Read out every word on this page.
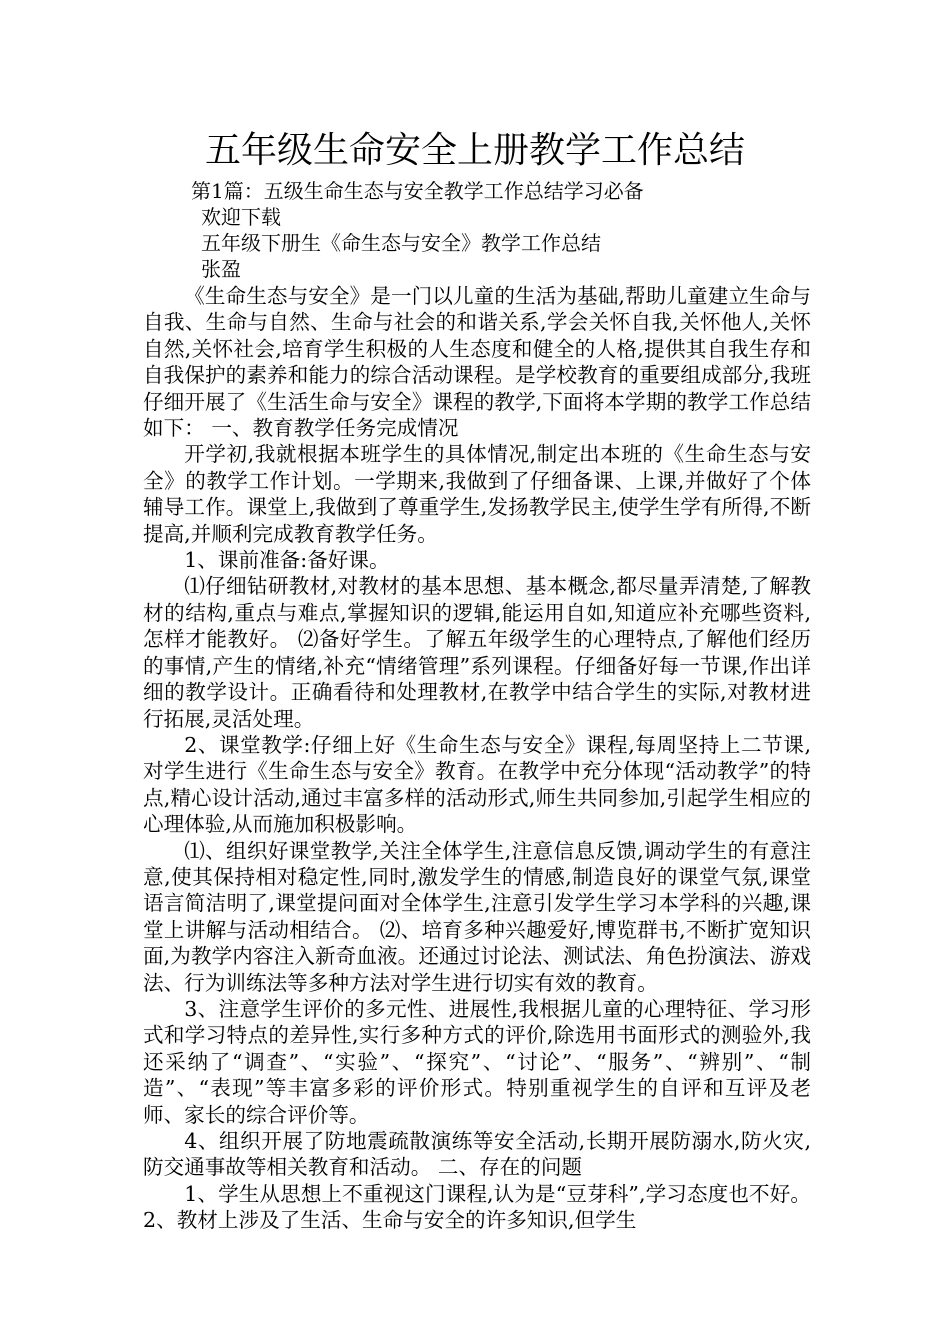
五年级生命安全上册教学工作总结
第1篇：五级生命生态与安全教学工作总结学习必备
欢迎下载
五年级下册生《命生态与安全》教学工作总结
张盈

《生命生态与安全》是一门以儿童的生活为基础,帮助儿童建立生命与自我、生命与自然、生命与社会的和谐关系,学会关怀自我,关怀他人,关怀自然,关怀社会,培育学生积极的人生态度和健全的人格,提供其自我生存和自我保护的素养和能力的综合活动课程。是学校教育的重要组成部分,我班仔细开展了《生活生命与安全》课程的教学,下面将本学期的教学工作总结如下： 一、教育教学任务完成情况

开学初,我就根据本班学生的具体情况,制定出本班的《生命生态与安全》的教学工作计划。一学期来,我做到了仔细备课、上课,并做好了个体辅导工作。课堂上,我做到了尊重学生,发扬教学民主,使学生学有所得,不断提高,并顺利完成教育教学任务。

1、课前准备:备好课。

⑴仔细钻研教材,对教材的基本思想、基本概念,都尽量弄清楚,了解教材的结构,重点与难点,掌握知识的逻辑,能运用自如,知道应补充哪些资料,怎样才能教好。 ⑵备好学生。了解五年级学生的心理特点,了解他们经历的事情,产生的情绪,补充“情绪管理”系列课程。仔细备好每一节课,作出详细的教学设计。正确看待和处理教材,在教学中结合学生的实际,对教材进行拓展,灵活处理。

2、课堂教学:仔细上好《生命生态与安全》课程,每周坚持上二节课,对学生进行《生命生态与安全》教育。在教学中充分体现“活动教学”的特点,精心设计活动,通过丰富多样的活动形式,师生共同参加,引起学生相应的心理体验,从而施加积极影响。

⑴、组织好课堂教学,关注全体学生,注意信息反馈,调动学生的有意注意,使其保持相对稳定性,同时,激发学生的情感,制造良好的课堂气氛,课堂语言简洁明了,课堂提问面对全体学生,注意引发学生学习本学科的兴趣,课堂上讲解与活动相结合。 ⑵、培育多种兴趣爱好,博览群书,不断扩宽知识面,为教学内容注入新奇血液。还通过讨论法、测试法、角色扮演法、游戏法、行为训练法等多种方法对学生进行切实有效的教育。

3、注意学生评价的多元性、进展性,我根据儿童的心理特征、学习形式和学习特点的差异性,实行多种方式的评价,除选用书面形式的测验外,我还采纳了“调查”、“实验”、“探究”、“讨论”、“服务”、“辨别”、“制造”、“表现”等丰富多彩的评价形式。特别重视学生的自评和互评及老师、家长的综合评价等。

4、组织开展了防地震疏散演练等安全活动,长期开展防溺水,防火灾,防交通事故等相关教育和活动。 二、存在的问题

1、学生从思想上不重视这门课程,认为是“豆芽科”,学习态度也不好。 2、教材上涉及了生活、生命与安全的许多知识,但学生
